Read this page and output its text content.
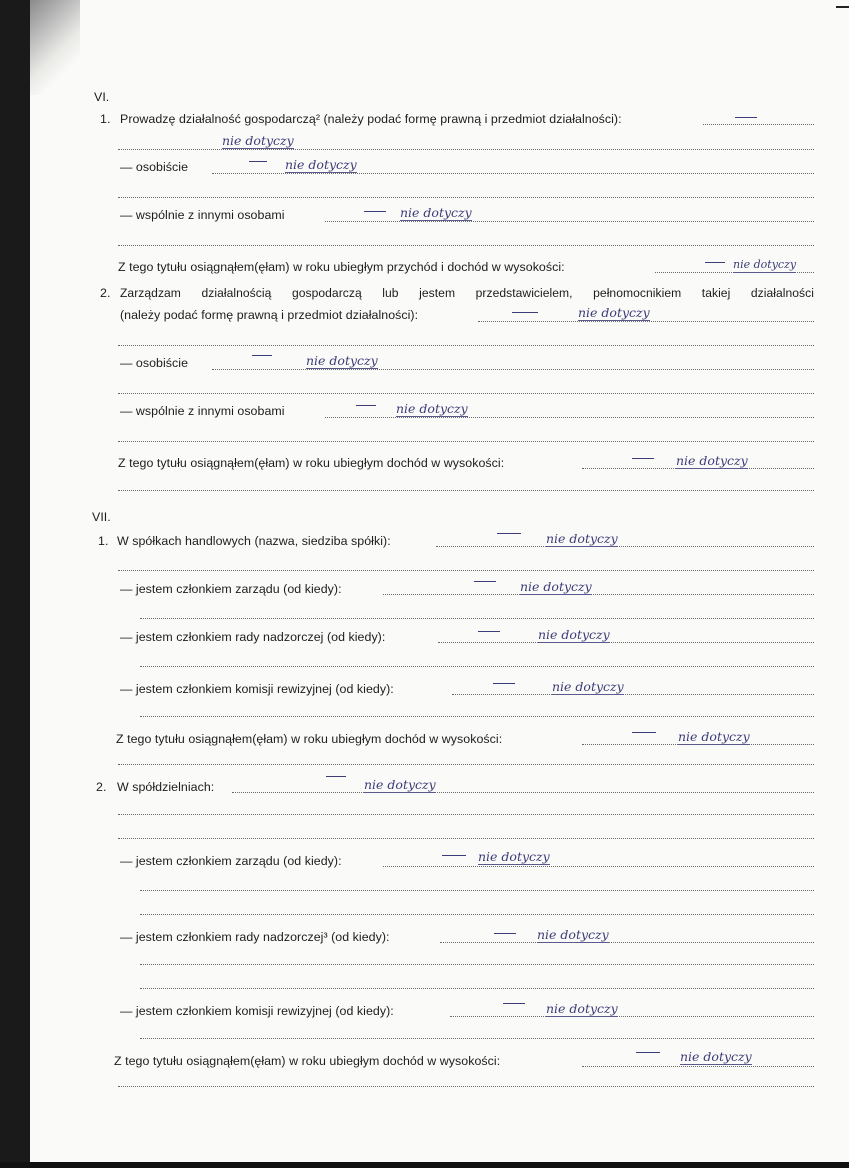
VI.
1. Prowadzę działalność gospodarczą² (należy podać formę prawną i przedmiot działalności):
nie dotyczy
— osobiście	nie dotyczy
— wspólnie z innymi osobami	nie dotyczy
Z tego tytułu osiągnąłem(ęłam) w roku ubiegłym przychód i dochód w wysokości:	nie dotyczy
2. Zarządzam działalnością gospodarczą lub jestem przedstawicielem, pełnomocnikiem takiej działalności
(należy podać formę prawną i przedmiot działalności):	nie dotyczy
— osobiście	nie dotyczy
— wspólnie z innymi osobami	nie dotyczy
Z tego tytułu osiągnąłem(ęłam) w roku ubiegłym dochód w wysokości:	nie dotyczy
VII.
1. W spółkach handlowych (nazwa, siedziba spółki):	nie dotyczy
— jestem członkiem zarządu (od kiedy):	nie dotyczy
— jestem członkiem rady nadzorczej (od kiedy):	nie dotyczy
— jestem członkiem komisji rewizyjnej (od kiedy):	nie dotyczy
Z tego tytułu osiągnąłem(ęłam) w roku ubiegłym dochód w wysokości:	nie dotyczy
2. W spółdzielniach:	nie dotyczy
— jestem członkiem zarządu (od kiedy):	nie dotyczy
— jestem członkiem rady nadzorczej³ (od kiedy):	nie dotyczy
— jestem członkiem komisji rewizyjnej (od kiedy):	nie dotyczy
Z tego tytułu osiągnąłem(ęłam) w roku ubiegłym dochód w wysokości:	nie dotyczy
